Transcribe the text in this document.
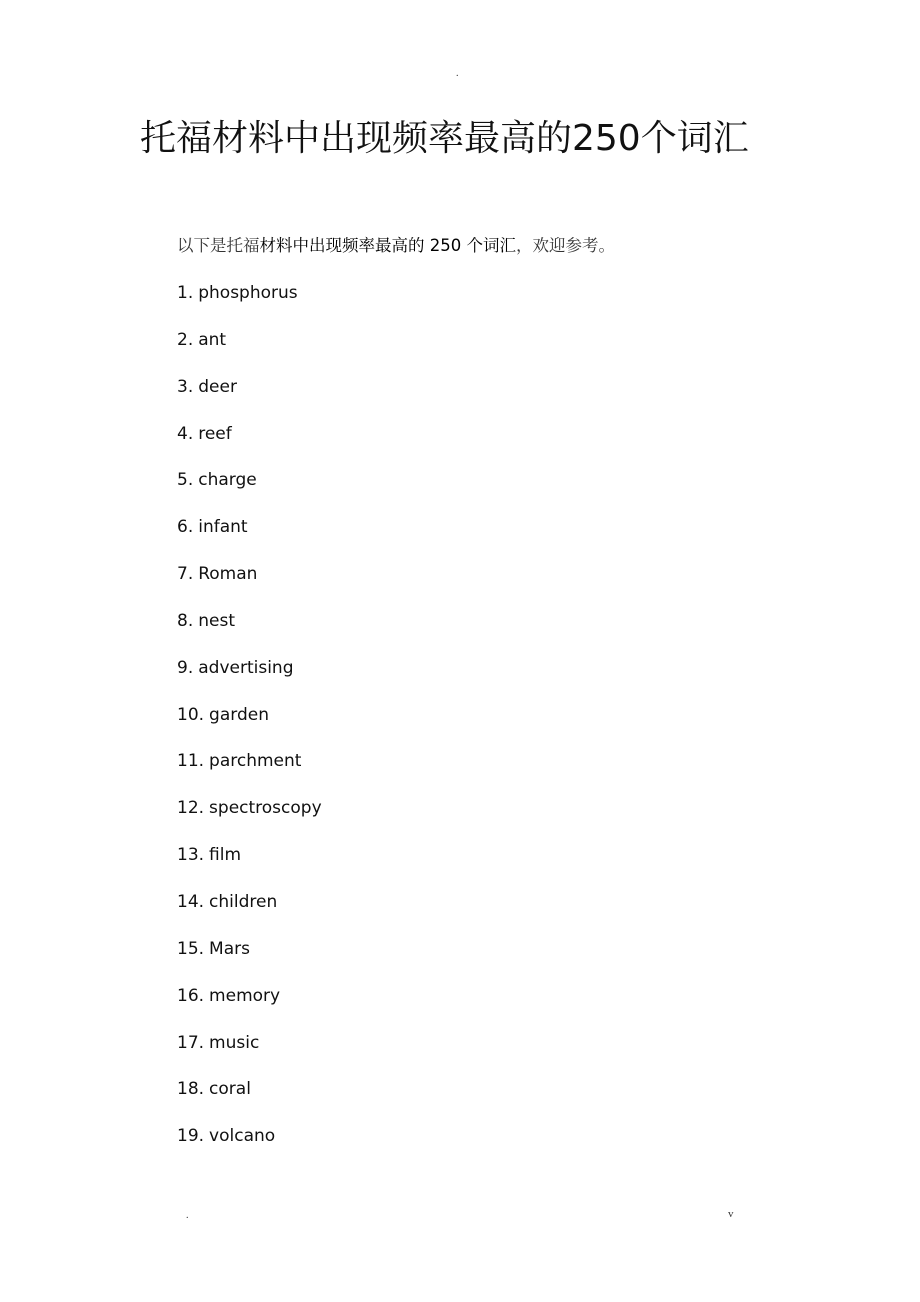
.
托福材料中出现频率最高的250个词汇
以下是托福材料中出现频率最高的 250 个词汇，欢迎参考。
1. phosphorus
2. ant
3. deer
4. reef
5. charge
6. infant
7. Roman
8. nest
9. advertising
10. garden
11. parchment
12. spectroscopy
13. film
14. children
15. Mars
16. memory
17. music
18. coral
19. volcano
.	v
